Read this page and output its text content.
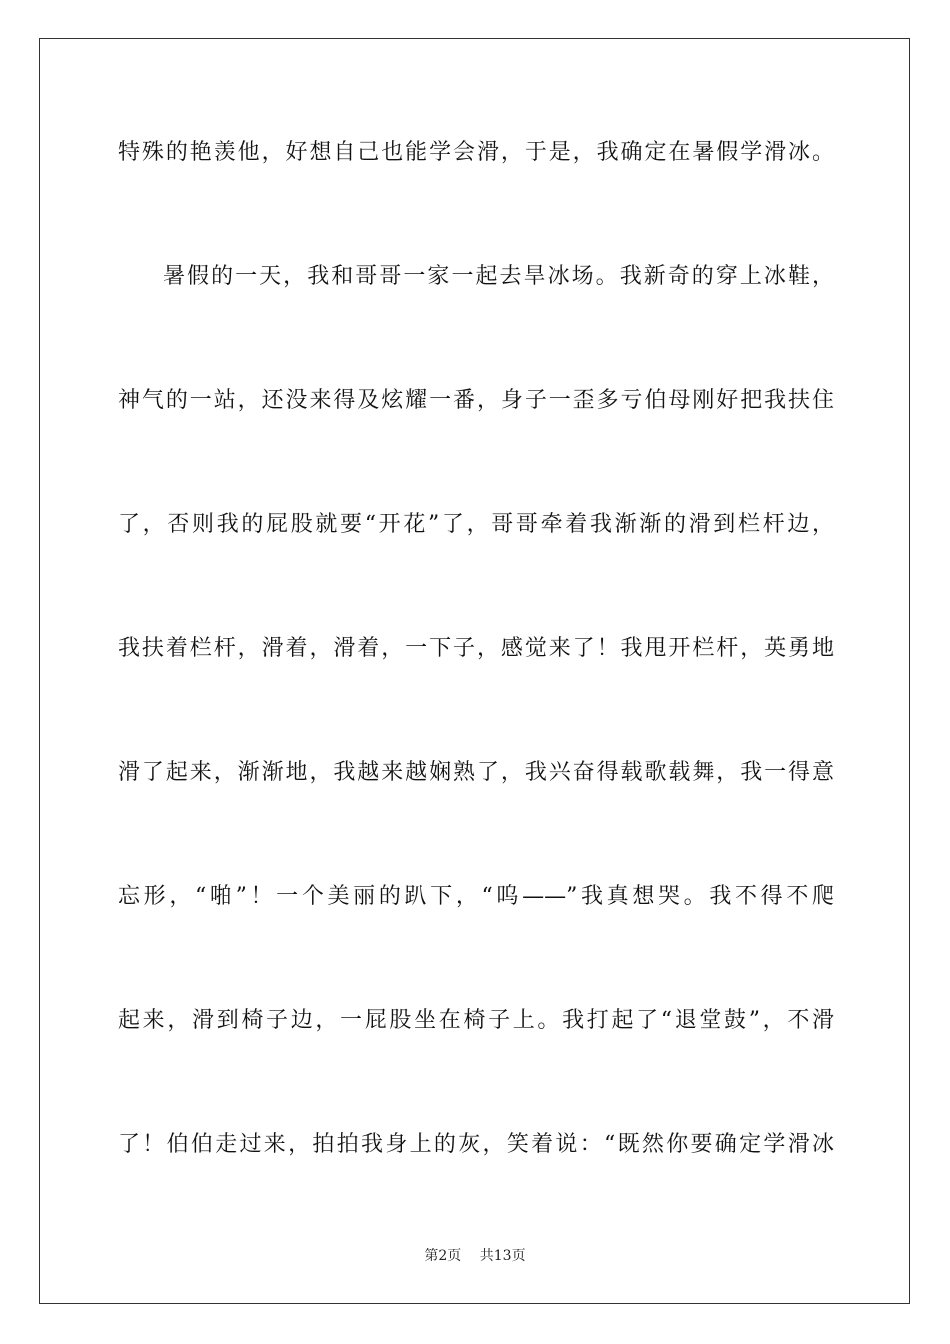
特殊的艳羡他，好想自己也能学会滑，于是，我确定在暑假学滑冰。
暑假的一天，我和哥哥一家一起去旱冰场。我新奇的穿上冰鞋，
神气的一站，还没来得及炫耀一番，身子一歪多亏伯母刚好把我扶住
了，否则我的屁股就要“开花”了，哥哥牵着我渐渐的滑到栏杆边，
我扶着栏杆，滑着，滑着，一下子，感觉来了！我甩开栏杆，英勇地
滑了起来，渐渐地，我越来越娴熟了，我兴奋得载歌载舞，我一得意
忘形，“啪”！一个美丽的趴下，“呜——”我真想哭。我不得不爬
起来，滑到椅子边，一屁股坐在椅子上。我打起了“退堂鼓”，不滑
了！伯伯走过来，拍拍我身上的灰，笑着说：“既然你要确定学滑冰
第2页 共13页
